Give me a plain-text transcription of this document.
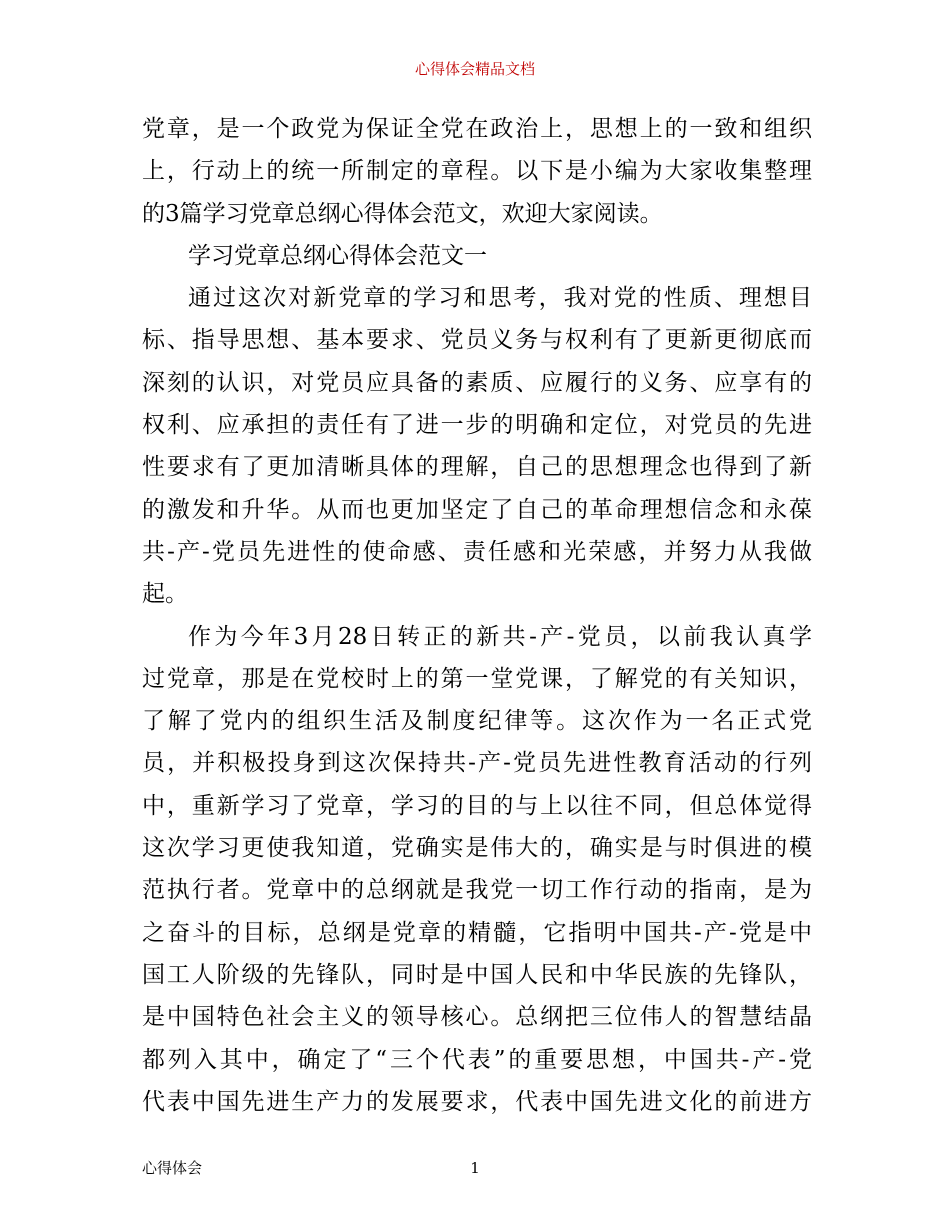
心得体会精品文档
党章，是一个政党为保证全党在政治上，思想上的一致和组织
上，行动上的统一所制定的章程。以下是小编为大家收集整理
的3篇学习党章总纲心得体会范文，欢迎大家阅读。
学习党章总纲心得体会范文一
通过这次对新党章的学习和思考，我对党的性质、理想目
标、指导思想、基本要求、党员义务与权利有了更新更彻底而
深刻的认识，对党员应具备的素质、应履行的义务、应享有的
权利、应承担的责任有了进一步的明确和定位，对党员的先进
性要求有了更加清晰具体的理解，自己的思想理念也得到了新
的激发和升华。从而也更加坚定了自己的革命理想信念和永葆
共-产-党员先进性的使命感、责任感和光荣感，并努力从我做
起。
作为今年3月28日转正的新共-产-党员，以前我认真学
过党章，那是在党校时上的第一堂党课，了解党的有关知识，
了解了党内的组织生活及制度纪律等。这次作为一名正式党
员，并积极投身到这次保持共-产-党员先进性教育活动的行列
中，重新学习了党章，学习的目的与上以往不同，但总体觉得
这次学习更使我知道，党确实是伟大的，确实是与时俱进的模
范执行者。党章中的总纲就是我党一切工作行动的指南，是为
之奋斗的目标，总纲是党章的精髓，它指明中国共-产-党是中
国工人阶级的先锋队，同时是中国人民和中华民族的先锋队，
是中国特色社会主义的领导核心。总纲把三位伟人的智慧结晶
都列入其中，确定了“三个代表”的重要思想，中国共-产-党
代表中国先进生产力的发展要求，代表中国先进文化的前进方
心得体会	1
